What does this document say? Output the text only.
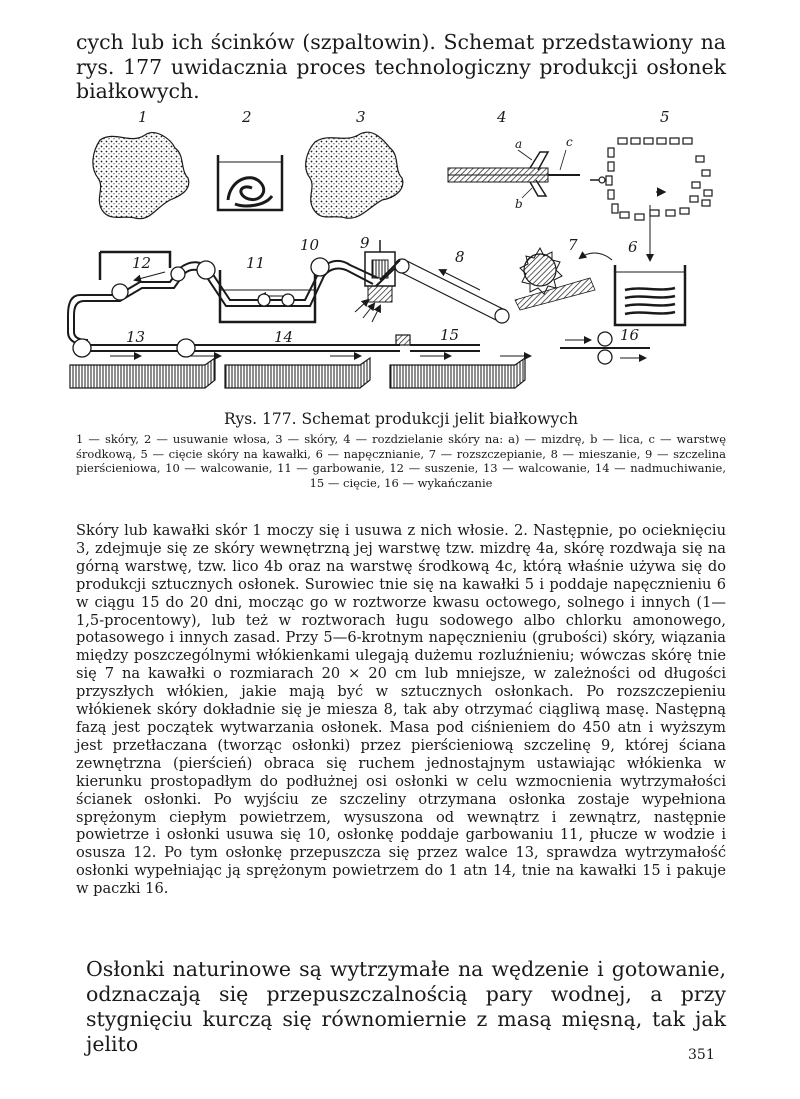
cych lub ich ścinków (szpaltowin). Schemat przedstawiony na rys. 177 uwidacznia proces technologiczny produkcji osłonek białkowych.

1	2	3	4	5
6
7
8
9
10
11
12
13	14	15	16
a
b
c

Rys. 177. Schemat produkcji jelit białkowych

1 — skóry, 2 — usuwanie włosa, 3 — skóry, 4 — rozdzielanie skóry na: a) — mizdrę, b — lica, c — warstwę środkową, 5 — cięcie skóry na kawałki, 6 — napęcznianie, 7 — rozszczepianie, 8 — mieszanie, 9 — szczelina pierścieniowa, 10 — walcowanie, 11 — garbowanie, 12 — suszenie, 13 — walcowanie, 14 — nadmuchiwanie, 15 — cięcie, 16 — wykańczanie

Skóry lub kawałki skór 1 moczy się i usuwa z nich włosie. 2. Następnie, po ocieknięciu 3, zdejmuje się ze skóry wewnętrzną jej warstwę tzw. mizdrę 4a, skórę rozdwaja się na górną warstwę, tzw. lico 4b oraz na warstwę środkową 4c, którą właśnie używa się do produkcji sztucznych osłonek. Surowiec tnie się na kawałki 5 i poddaje napęcznieniu 6 w ciągu 15 do 20 dni, mocząc go w roztworze kwasu octowego, solnego i innych (1—1,5-procentowy), lub też w roztworach ługu sodowego albo chlorku amonowego, potasowego i innych zasad. Przy 5—6-krotnym napęcznieniu (grubości) skóry, wiązania między poszczególnymi włókienkami ulegają dużemu rozluźnieniu; wówczas skórę tnie się 7 na kawałki o rozmiarach 20 × 20 cm lub mniejsze, w zależności od długości przyszłych włókien, jakie mają być w sztucznych osłonkach. Po rozszczepieniu włókienek skóry dokładnie się je miesza 8, tak aby otrzymać ciągliwą masę. Następną fazą jest początek wytwarzania osłonek. Masa pod ciśnieniem do 450 atn i wyższym jest przetłaczana (tworząc osłonki) przez pierścieniową szczelinę 9, której ściana zewnętrzna (pierścień) obraca się ruchem jednostajnym ustawiając włókienka w kierunku prostopadłym do podłużnej osi osłonki w celu wzmocnienia wytrzymałości ścianek osłonki. Po wyjściu ze szczeliny otrzymana osłonka zostaje wypełniona sprężonym ciepłym powietrzem, wysuszona od wewnątrz i zewnątrz, następnie powietrze i osłonki usuwa się 10, osłonkę poddaje garbowaniu 11, płucze w wodzie i osusza 12. Po tym osłonkę przepuszcza się przez walce 13, sprawdza wytrzymałość osłonki wypełniając ją sprężonym powietrzem do 1 atn 14, tnie na kawałki 15 i pakuje w paczki 16.

Osłonki naturinowe są wytrzymałe na wędzenie i gotowanie, odznaczają się przepuszczalnością pary wodnej, a przy stygnięciu kurczą się równomiernie z masą mięsną, tak jak jelito	351
